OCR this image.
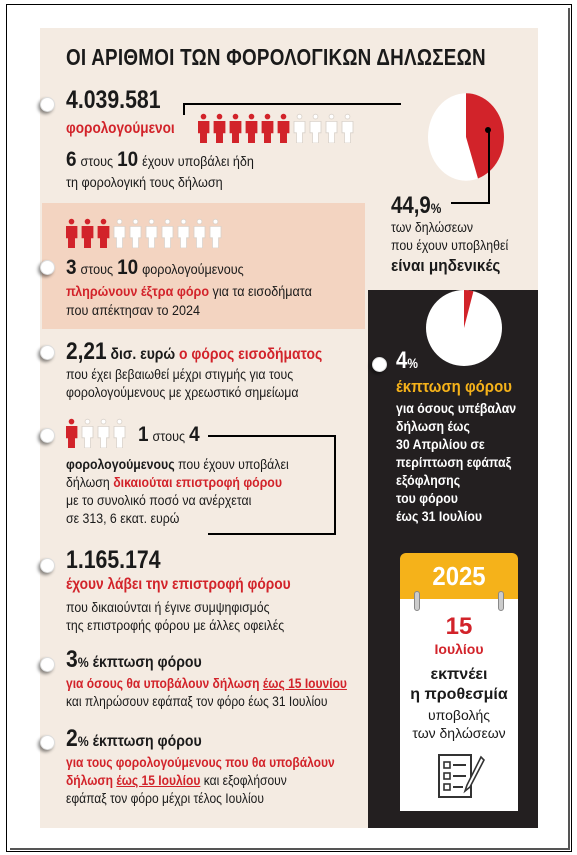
ΟΙ ΑΡΙΘΜΟΙ ΤΩΝ ΦΟΡΟΛΟΓΙΚΩΝ ΔΗΛΩΣΕΩΝ
4.039.581
φορολογούμενοι
6 στους 10 έχουν υποβάλει ήδη
τη φορολογική τους δήλωση
44,9%
των δηλώσεων
που έχουν υποβληθεί
είναι μηδενικές
3 στους 10 φορολογούμενους
πληρώνουν έξτρα φόρο για τα εισοδήματα
που απέκτησαν το 2024
2,21 δισ. ευρώ ο φόρος εισοδήματος
που έχει βεβαιωθεί μέχρι στιγμής για τους
φορολογούμενους με χρεωστικό σημείωμα
4%
έκπτωση φόρου
για όσους υπέβαλαν
δήλωση έως
30 Απριλίου σε
περίπτωση εφάπαξ
εξόφλησης
του φόρου
έως 31 Ιουλίου
1 στους 4
φορολογούμενους που έχουν υποβάλει
δήλωση δικαιούται επιστροφή φόρου
με το συνολικό ποσό να ανέρχεται
σε 313, 6 εκατ. ευρώ
1.165.174
έχουν λάβει την επιστροφή φόρου
που δικαιούνται ή έγινε συμψηφισμός
της επιστροφής φόρου με άλλες οφειλές
3% έκπτωση φόρου
για όσους θα υποβάλουν δήλωση έως 15 Ιουνίου
και πληρώσουν εφάπαξ τον φόρο έως 31 Ιουλίου
2% έκπτωση φόρου
για τους φορολογούμενους που θα υποβάλουν
δήλωση έως 15 Ιουλίου και εξοφλήσουν
εφάπαξ τον φόρο μέχρι τέλος Ιουλίου
2025
15
Ιουλίου
εκπνέει
η προθεσμία
υποβολής
των δηλώσεων
